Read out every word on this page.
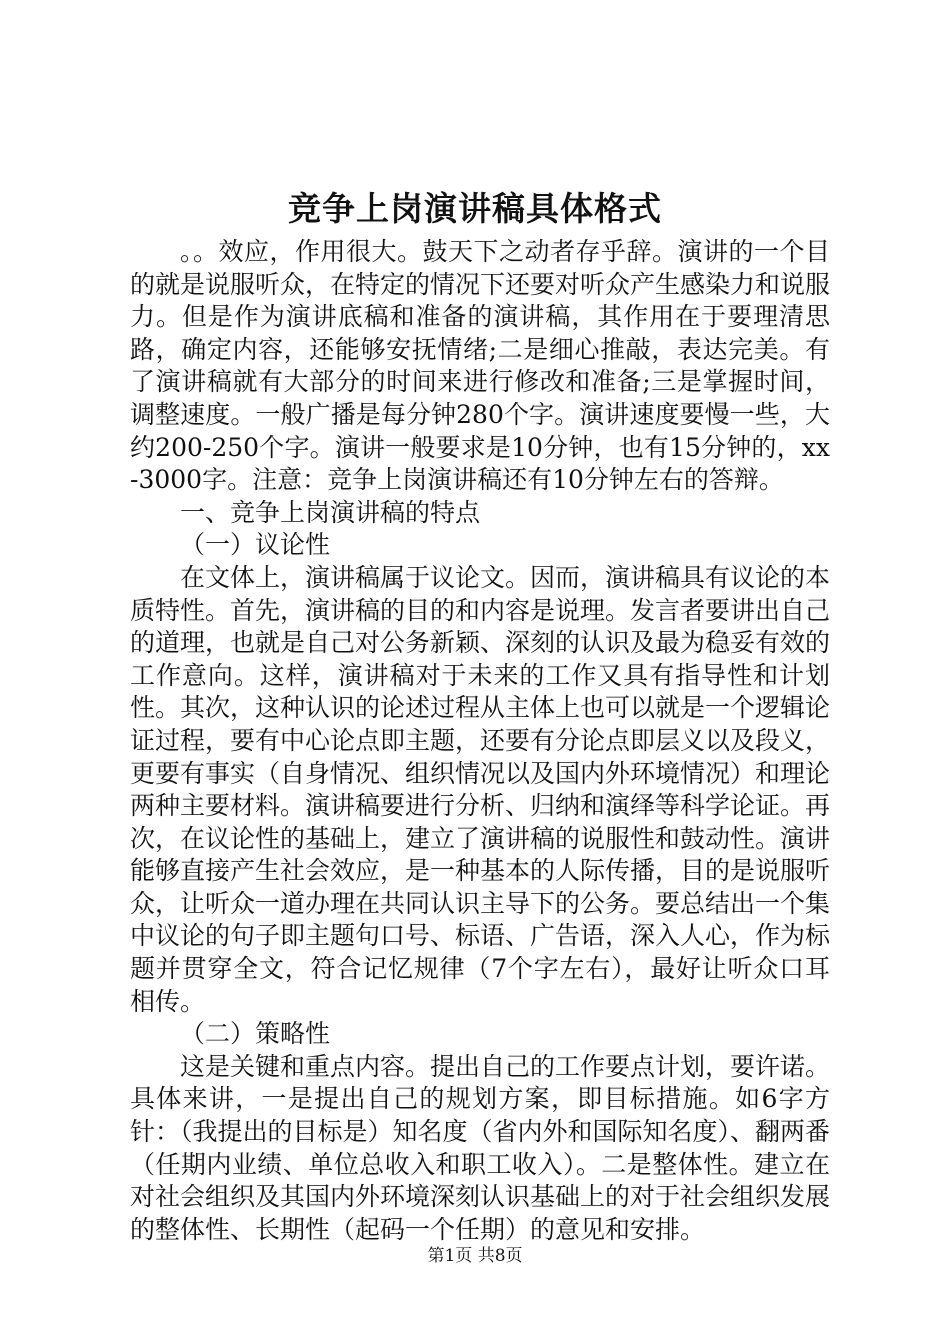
竞争上岗演讲稿具体格式

。。效应，作用很大。鼓天下之动者存乎辞。演讲的一个目的就是说服听众，在特定的情况下还要对听众产生感染力和说服力。但是作为演讲底稿和准备的演讲稿，其作用在于要理清思路，确定内容，还能够安抚情绪;二是细心推敲，表达完美。有了演讲稿就有大部分的时间来进行修改和准备;三是掌握时间，调整速度。一般广播是每分钟280个字。演讲速度要慢一些，大约200-250个字。演讲一般要求是10分钟，也有15分钟的，xx-3000字。注意：竞争上岗演讲稿还有10分钟左右的答辩。

一、竞争上岗演讲稿的特点

（一）议论性

在文体上，演讲稿属于议论文。因而，演讲稿具有议论的本质特性。首先，演讲稿的目的和内容是说理。发言者要讲出自己的道理，也就是自己对公务新颖、深刻的认识及最为稳妥有效的工作意向。这样，演讲稿对于未来的工作又具有指导性和计划性。其次，这种认识的论述过程从主体上也可以就是一个逻辑论证过程，要有中心论点即主题，还要有分论点即层义以及段义，更要有事实（自身情况、组织情况以及国内外环境情况）和理论两种主要材料。演讲稿要进行分析、归纳和演绎等科学论证。再次，在议论性的基础上，建立了演讲稿的说服性和鼓动性。演讲能够直接产生社会效应，是一种基本的人际传播，目的是说服听众，让听众一道办理在共同认识主导下的公务。要总结出一个集中议论的句子即主题句口号、标语、广告语，深入人心，作为标题并贯穿全文，符合记忆规律（7个字左右），最好让听众口耳相传。

（二）策略性

这是关键和重点内容。提出自己的工作要点计划，要许诺。具体来讲，一是提出自己的规划方案，即目标措施。如6字方针：（我提出的目标是）知名度（省内外和国际知名度）、翻两番（任期内业绩、单位总收入和职工收入）。二是整体性。建立在对社会组织及其国内外环境深刻认识基础上的对于社会组织发展的整体性、长期性（起码一个任期）的意见和安排。

第1页 共8页
